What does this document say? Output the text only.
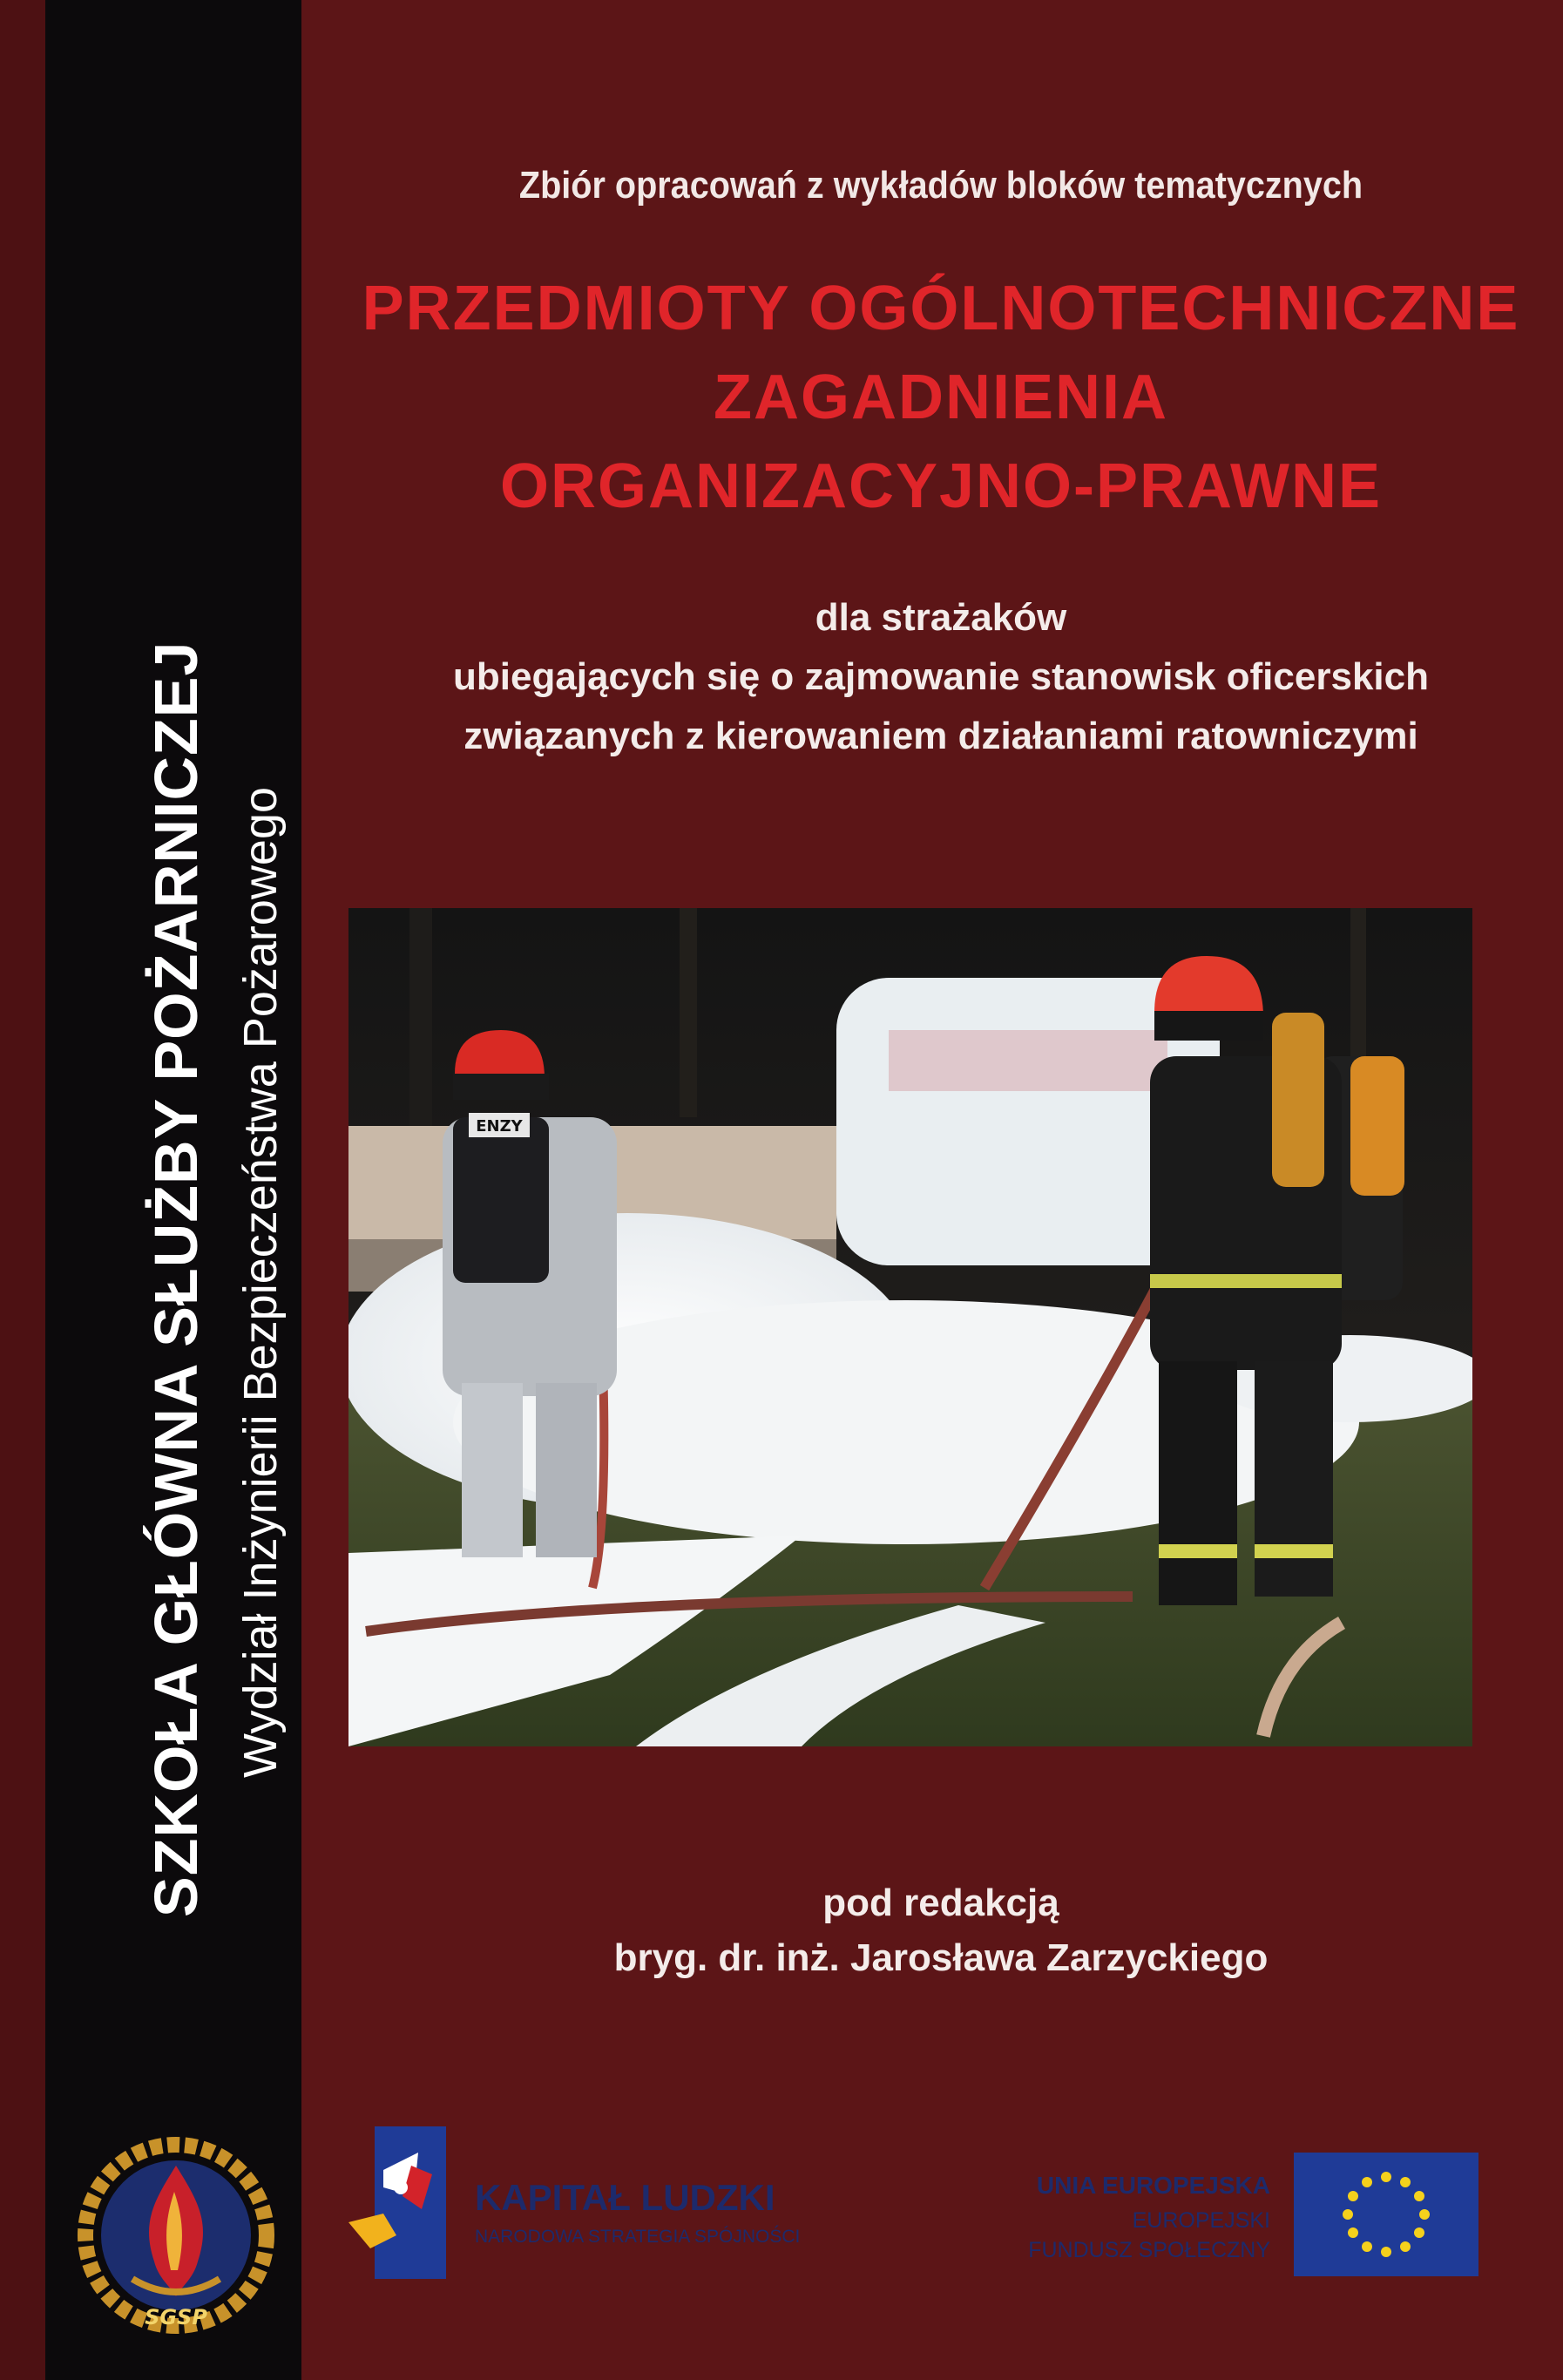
SZKOŁA GŁÓWNA SŁUŻBY POŻARNICZEJ Wydział Inżynierii Bezpieczeństwa Pożarowego
SGSP
Zbiór opracowań z wykładów bloków tematycznych
PRZEDMIOTY OGÓLNOTECHNICZNE
ZAGADNIENIA
ORGANIZACYJNO-PRAWNE
dla strażaków
ubiegających się o zajmowanie stanowisk oficerskich
związanych z kierowaniem działaniami ratowniczymi
ENZY
pod redakcją
bryg. dr. inż. Jarosława Zarzyckiego
KAPITAŁ LUDZKI
NARODOWA STRATEGIA SPÓJNOŚCI
UNIA EUROPEJSKA
EUROPEJSKI
FUNDUSZ SPOŁECZNY
